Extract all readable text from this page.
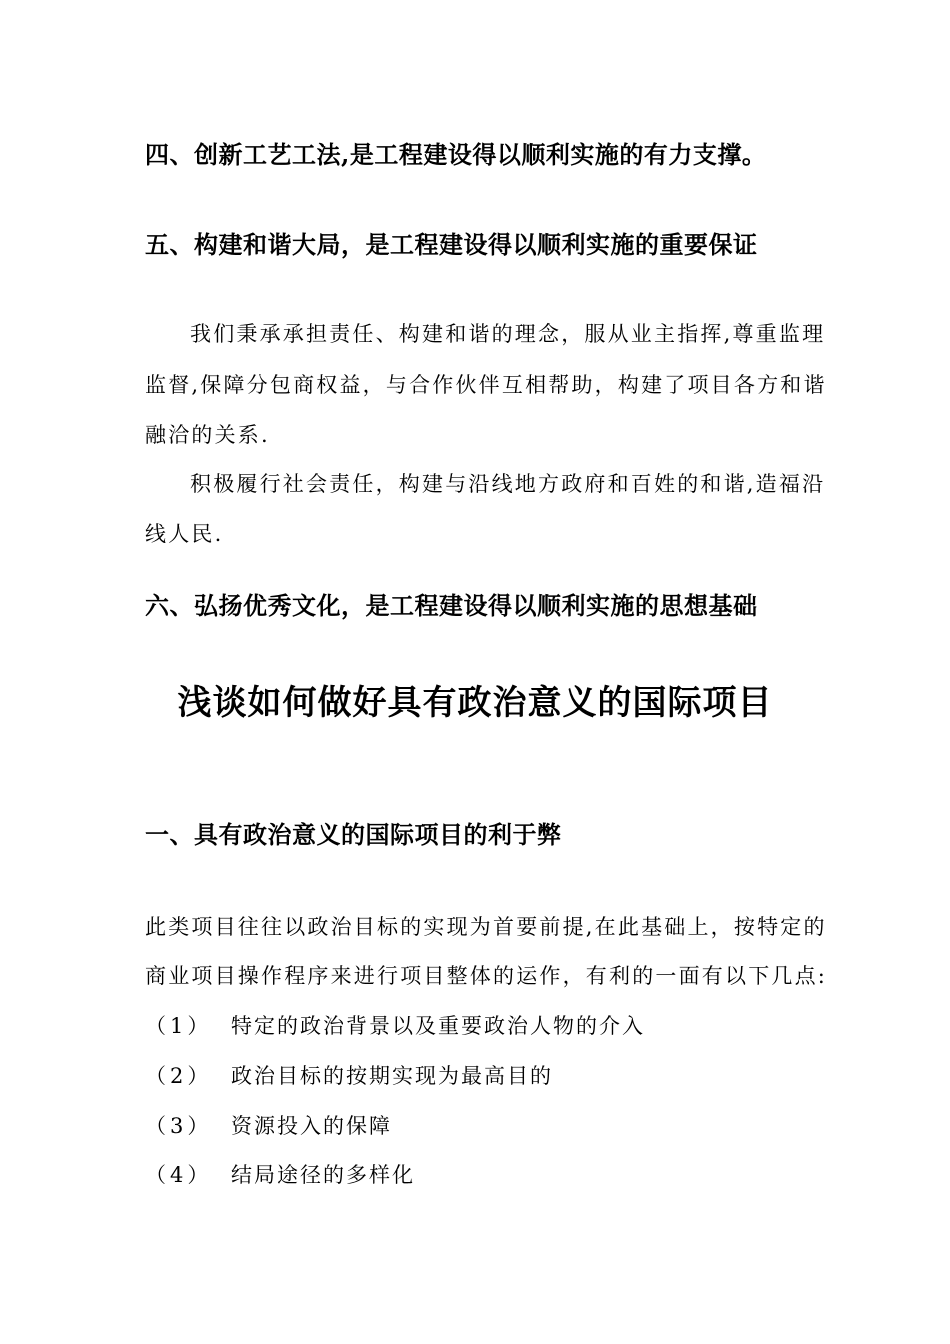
四、创新工艺工法,是工程建设得以顺利实施的有力支撑。
五、构建和谐大局，是工程建设得以顺利实施的重要保证
我们秉承承担责任、构建和谐的理念，服从业主指挥,尊重监理
监督,保障分包商权益，与合作伙伴互相帮助，构建了项目各方和谐
融洽的关系.
积极履行社会责任，构建与沿线地方政府和百姓的和谐,造福沿
线人民.
六、弘扬优秀文化，是工程建设得以顺利实施的思想基础
浅谈如何做好具有政治意义的国际项目
一、具有政治意义的国际项目的利于弊
此类项目往往以政治目标的实现为首要前提,在此基础上，按特定的
商业项目操作程序来进行项目整体的运作，有利的一面有以下几点:
（1） 特定的政治背景以及重要政治人物的介入
（2） 政治目标的按期实现为最高目的
（3） 资源投入的保障
（4） 结局途径的多样化
